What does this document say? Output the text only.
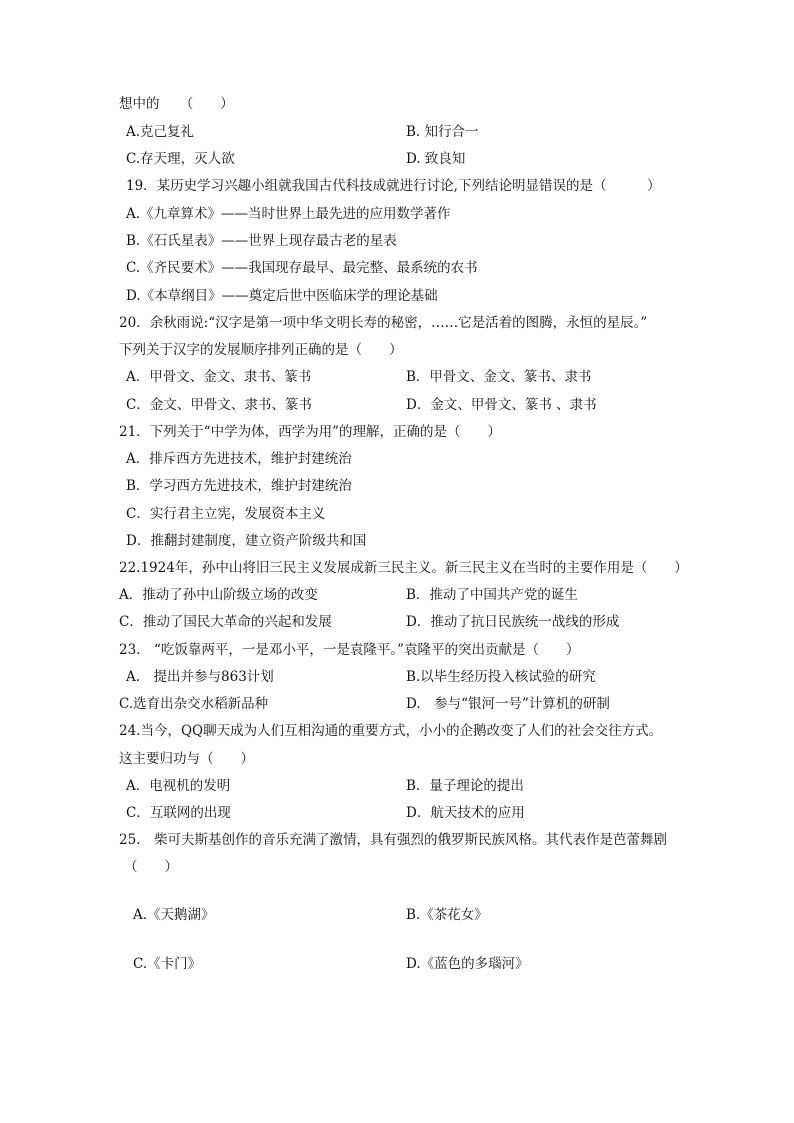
想中的　　（　　）
A.克己复礼	B. 知行合一
C.存天理，灭人欲	D. 致良知
19．某历史学习兴趣小组就我国古代科技成就进行讨论,下列结论明显错误的是（　　　）
A.《九章算术》——当时世界上最先进的应用数学著作
B.《石氏星表》——世界上现存最古老的星表
C.《齐民要术》——我国现存最早、最完整、最系统的农书
D.《本草纲目》——奠定后世中医临床学的理论基础
20．余秋雨说:“汉字是第一项中华文明长寿的秘密，……它是活着的图腾，永恒的星辰。”
下列关于汉字的发展顺序排列正确的是（　　）
A．甲骨文、金文、隶书、篆书	B．甲骨文、金文、篆书、隶书
C．金文、甲骨文、隶书、篆书	D．金文、甲骨文、篆书 、隶书
21．下列关于“中学为体，西学为用”的理解，正确的是（　　）
A．排斥西方先进技术，维护封建统治
B．学习西方先进技术，维护封建统治
C．实行君主立宪，发展资本主义
D．推翻封建制度，建立资产阶级共和国
22.1924年，孙中山将旧三民主义发展成新三民主义。新三民主义在当时的主要作用是（　　）
A．推动了孙中山阶级立场的改变	B．推动了中国共产党的诞生
C．推动了国民大革命的兴起和发展	D．推动了抗日民族统一战线的形成
23.　“吃饭靠两平，一是邓小平，一是袁隆平。”袁隆平的突出贡献是（　　）
A.　提出并参与863计划	B.以毕生经历投入核试验的研究
C.选育出杂交水稻新品种	D.　参与“银河一号”计算机的研制
24.当今，QQ聊天成为人们互相沟通的重要方式，小小的企鹅改变了人们的社会交往方式。
这主要归功与（　　）
A．电视机的发明	B．量子理论的提出
C．互联网的出现	D．航天技术的应用
25.　柴可夫斯基创作的音乐充满了激情，具有强烈的俄罗斯民族风格。其代表作是芭蕾舞剧
（　　）
A.《天鹅湖》	B.《茶花女》
C.《卡门》	D.《蓝色的多瑙河》
